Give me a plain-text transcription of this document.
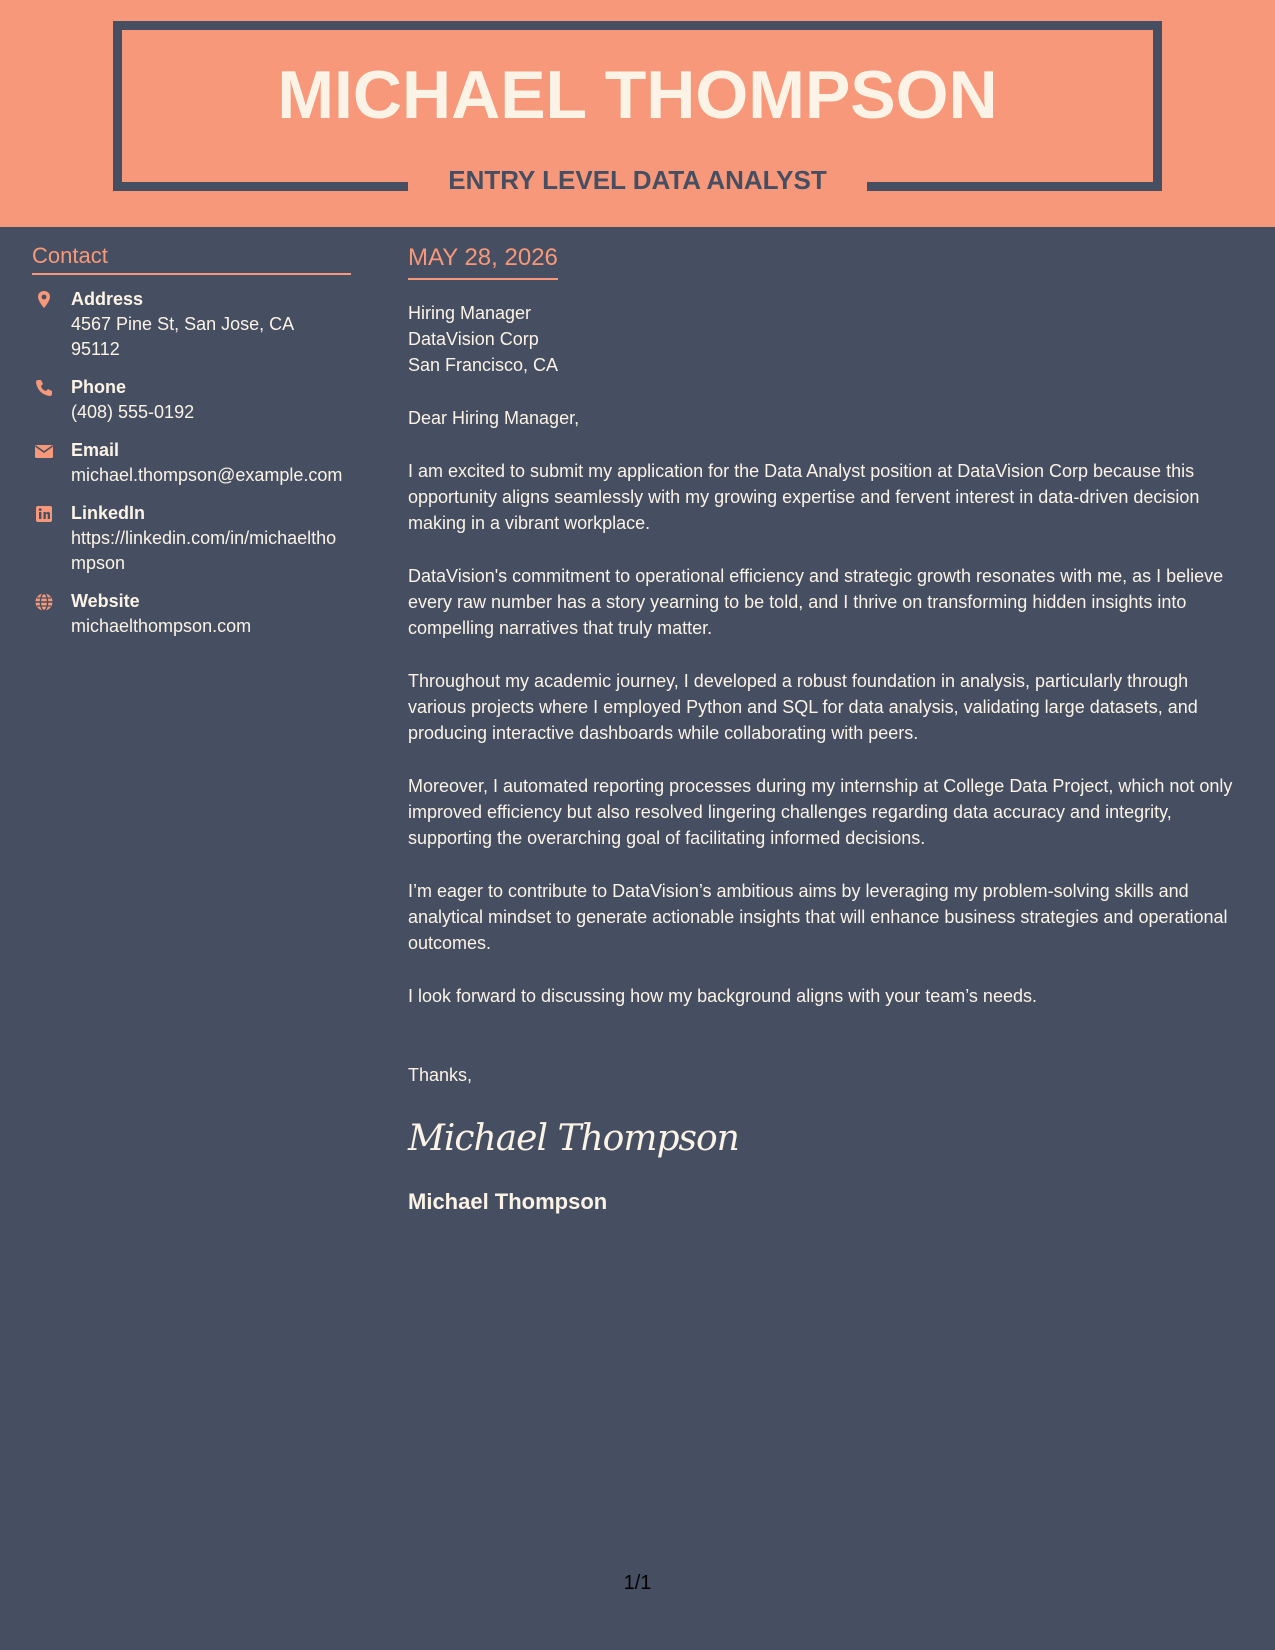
MICHAEL THOMPSON
ENTRY LEVEL DATA ANALYST
Contact
Address
4567 Pine St, San Jose, CA 95112
Phone
(408) 555-0192
Email
michael.thompson@example.com
LinkedIn
https://linkedin.com/in/michaelthompson
Website
michaelthompson.com
MAY 28, 2026
Hiring Manager
DataVision Corp
San Francisco, CA
Dear Hiring Manager,
I am excited to submit my application for the Data Analyst position at DataVision Corp because this opportunity aligns seamlessly with my growing expertise and fervent interest in data-driven decision making in a vibrant workplace.
DataVision's commitment to operational efficiency and strategic growth resonates with me, as I believe every raw number has a story yearning to be told, and I thrive on transforming hidden insights into compelling narratives that truly matter.
Throughout my academic journey, I developed a robust foundation in analysis, particularly through various projects where I employed Python and SQL for data analysis, validating large datasets, and producing interactive dashboards while collaborating with peers.
Moreover, I automated reporting processes during my internship at College Data Project, which not only improved efficiency but also resolved lingering challenges regarding data accuracy and integrity, supporting the overarching goal of facilitating informed decisions.
I’m eager to contribute to DataVision’s ambitious aims by leveraging my problem-solving skills and analytical mindset to generate actionable insights that will enhance business strategies and operational outcomes.
I look forward to discussing how my background aligns with your team’s needs.
Thanks,
Michael Thompson
Michael Thompson
1/1
